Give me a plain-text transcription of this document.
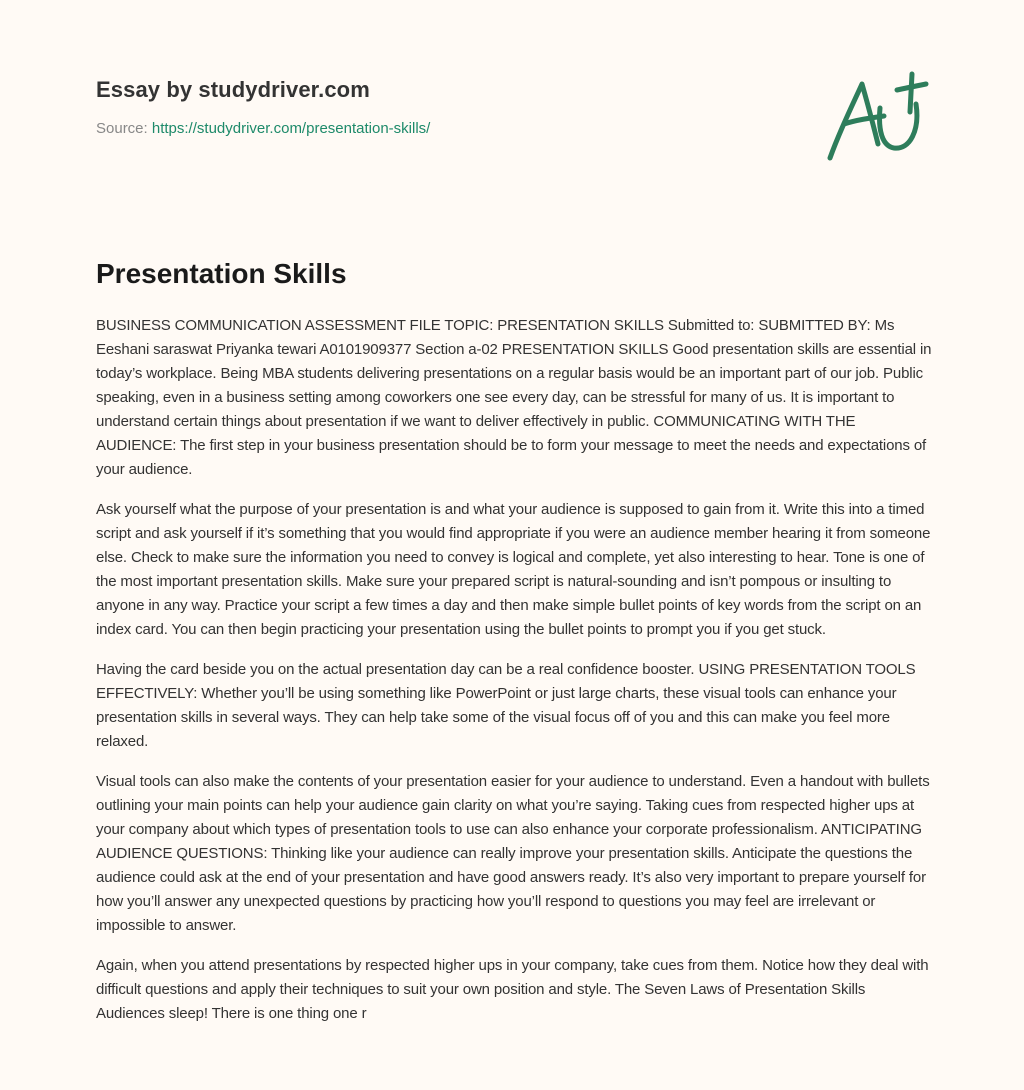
Essay by studydriver.com
Source: https://studydriver.com/presentation-skills/
Presentation Skills

BUSINESS COMMUNICATION ASSESSMENT FILE TOPIC: PRESENTATION SKILLS Submitted to: SUBMITTED BY: Ms Eeshani saraswat Priyanka tewari A0101909377 Section a-02 PRESENTATION SKILLS Good presentation skills are essential in today’s workplace. Being MBA students delivering presentations on a regular basis would be an important part of our job. Public speaking, even in a business setting among coworkers one see every day, can be stressful for many of us. It is important to understand certain things about presentation if we want to deliver effectively in public. COMMUNICATING WITH THE AUDIENCE: The first step in your business presentation should be to form your message to meet the needs and expectations of your audience.

Ask yourself what the purpose of your presentation is and what your audience is supposed to gain from it. Write this into a timed script and ask yourself if it’s something that you would find appropriate if you were an audience member hearing it from someone else. Check to make sure the information you need to convey is logical and complete, yet also interesting to hear. Tone is one of the most important presentation skills. Make sure your prepared script is natural-sounding and isn’t pompous or insulting to anyone in any way. Practice your script a few times a day and then make simple bullet points of key words from the script on an index card. You can then begin practicing your presentation using the bullet points to prompt you if you get stuck.

Having the card beside you on the actual presentation day can be a real confidence booster. USING PRESENTATION TOOLS EFFECTIVELY: Whether you’ll be using something like PowerPoint or just large charts, these visual tools can enhance your presentation skills in several ways. They can help take some of the visual focus off of you and this can make you feel more relaxed.

Visual tools can also make the contents of your presentation easier for your audience to understand. Even a handout with bullets outlining your main points can help your audience gain clarity on what you’re saying. Taking cues from respected higher ups at your company about which types of presentation tools to use can also enhance your corporate professionalism. ANTICIPATING AUDIENCE QUESTIONS: Thinking like your audience can really improve your presentation skills. Anticipate the questions the audience could ask at the end of your presentation and have good answers ready. It’s also very important to prepare yourself for how you’ll answer any unexpected questions by practicing how you’ll respond to questions you may feel are irrelevant or impossible to answer.

Again, when you attend presentations by respected higher ups in your company, take cues from them. Notice how they deal with difficult questions and apply their techniques to suit your own position and style. The Seven Laws of Presentation Skills Audiences sleep! There is one thing one r
